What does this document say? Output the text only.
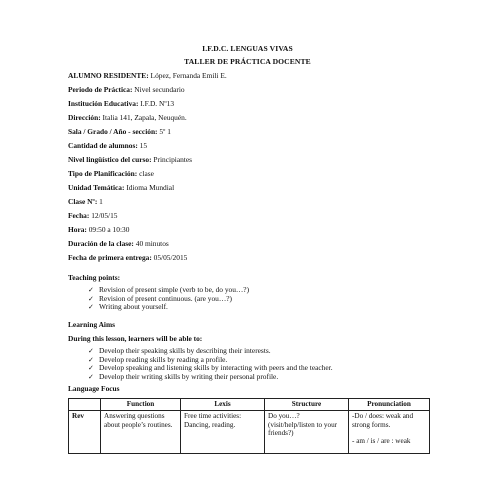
I.F.D.C. LENGUAS VIVAS
TALLER DE PRÁCTICA DOCENTE
ALUMNO RESIDENTE: López, Fernanda Emili E.
Periodo de Práctica: Nivel secundario
Institución Educativa: I.F.D. Nº13
Dirección: Italia 141, Zapala, Neuquén.
Sala / Grado / Año - sección: 5º 1
Cantidad de alumnos: 15
Nivel lingüístico del curso: Principiantes
Tipo de Planificación: clase
Unidad Temática: Idioma Mundial
Clase Nº: 1
Fecha: 12/05/15
Hora: 09:50 a 10:30
Duración de la clase: 40 minutos
Fecha de primera entrega: 05/05/2015
Teaching points:
✓ Revision of present simple (verb to be, do you…?)
✓ Revision of present continuous. (are you…?)
✓ Writing about yourself.
Learning Aims
During this lesson, learners will be able to:
✓ Develop their speaking skills by describing their interests.
✓ Develop reading skills by reading a profile.
✓ Develop speaking and listening skills by interacting with peers and the teacher.
✓ Develop their writing skills by writing their personal profile.
Language Focus
	Function	Lexis	Structure	Pronunciation
Rev	Answering questions about people’s routines.	Free time activities: Dancing, reading.	Do you…? (visit/help/listen to your friends?)	-Do / does: weak and strong forms.
- am / is / are : weak
